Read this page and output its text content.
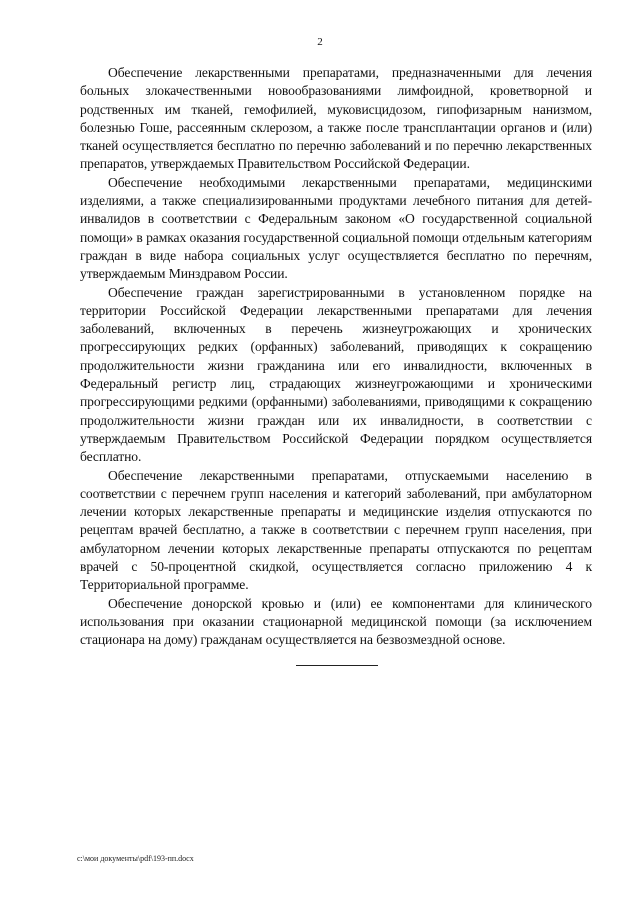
2

Обеспечение лекарственными препаратами, предназначенными для лечения больных злокачественными новообразованиями лимфоидной, кроветворной и родственных им тканей, гемофилией, муковисцидозом, гипофизарным нанизмом, болезнью Гоше, рассеянным склерозом, а также после трансплантации органов и (или) тканей осуществляется бесплатно по перечню заболеваний и по перечню лекарственных препаратов, утверждаемых Правительством Российской Федерации.

Обеспечение необходимыми лекарственными препаратами, медицинскими изделиями, а также специализированными продуктами лечебного питания для детей-инвалидов в соответствии с Федеральным законом «О государственной социальной помощи» в рамках оказания государственной социальной помощи отдельным категориям граждан в виде набора социальных услуг осуществляется бесплатно по перечням, утверждаемым Минздравом России.

Обеспечение граждан зарегистрированными в установленном порядке на территории Российской Федерации лекарственными препаратами для лечения заболеваний, включенных в перечень жизнеугрожающих и хронических прогрессирующих редких (орфанных) заболеваний, приводящих к сокращению продолжительности жизни гражданина или его инвалидности, включенных в Федеральный регистр лиц, страдающих жизнеугрожающими и хроническими прогрессирующими редкими (орфанными) заболеваниями, приводящими к сокращению продолжительности жизни граждан или их инвалидности, в соответствии с утверждаемым Правительством Российской Федерации порядком осуществляется бесплатно.

Обеспечение лекарственными препаратами, отпускаемыми населению в соответствии с перечнем групп населения и категорий заболеваний, при амбулаторном лечении которых лекарственные препараты и медицинские изделия отпускаются по рецептам врачей бесплатно, а также в соответствии с перечнем групп населения, при амбулаторном лечении которых лекарственные препараты отпускаются по рецептам врачей с 50-процентной скидкой, осуществляется согласно приложению 4 к Территориальной программе.

Обеспечение донорской кровью и (или) ее компонентами для клинического использования при оказании стационарной медицинской помощи (за исключением стационара на дому) гражданам осуществляется на безвозмездной основе.

c:\мои документы\pdf\193-пп.docx
